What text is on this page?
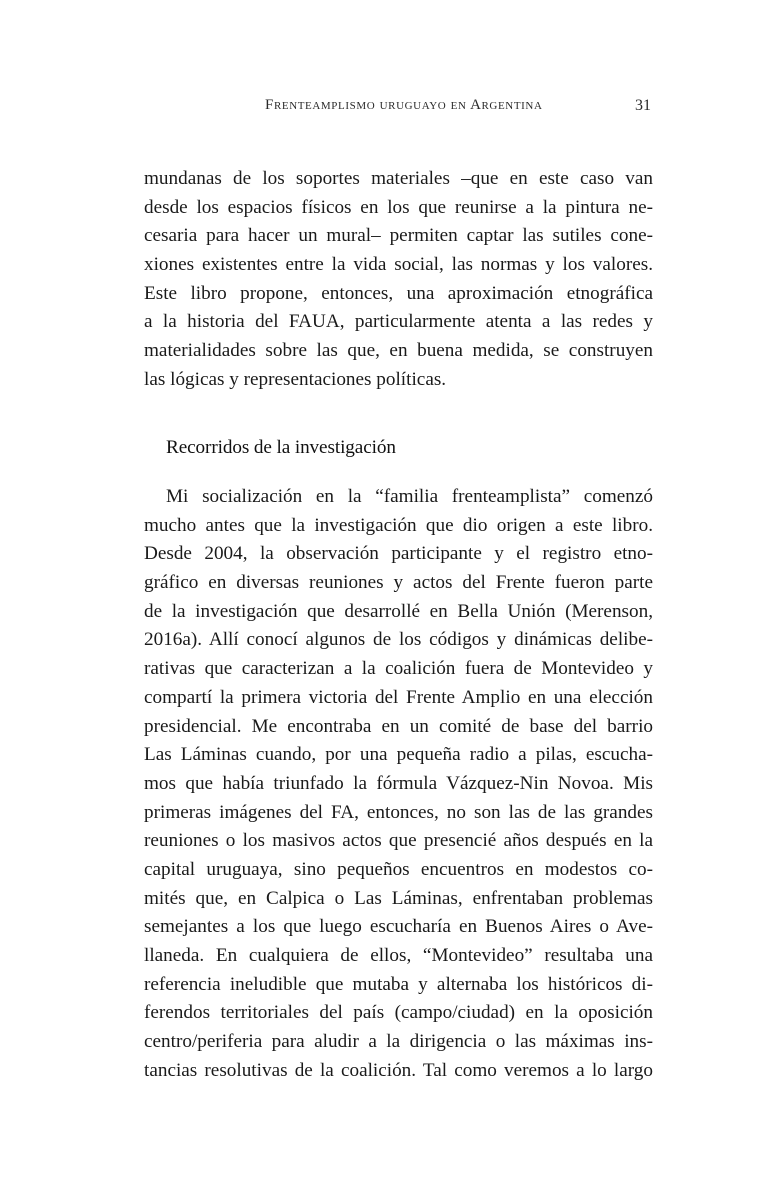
Frenteamplismo uruguayo en Argentina	31
mundanas de los soportes materiales –que en este caso van
desde los espacios físicos en los que reunirse a la pintura ne-
cesaria para hacer un mural– permiten captar las sutiles cone-
xiones existentes entre la vida social, las normas y los valores.
Este libro propone, entonces, una aproximación etnográfica
a la historia del FAUA, particularmente atenta a las redes y
materialidades sobre las que, en buena medida, se construyen
las lógicas y representaciones políticas.
Recorridos de la investigación
Mi socialización en la “familia frenteamplista” comenzó
mucho antes que la investigación que dio origen a este libro.
Desde 2004, la observación participante y el registro etno-
gráfico en diversas reuniones y actos del Frente fueron parte
de la investigación que desarrollé en Bella Unión (Merenson,
2016a). Allí conocí algunos de los códigos y dinámicas delibe-
rativas que caracterizan a la coalición fuera de Montevideo y
compartí la primera victoria del Frente Amplio en una elección
presidencial. Me encontraba en un comité de base del barrio
Las Láminas cuando, por una pequeña radio a pilas, escucha-
mos que había triunfado la fórmula Vázquez-Nin Novoa. Mis
primeras imágenes del FA, entonces, no son las de las grandes
reuniones o los masivos actos que presencié años después en la
capital uruguaya, sino pequeños encuentros en modestos co-
mités que, en Calpica o Las Láminas, enfrentaban problemas
semejantes a los que luego escucharía en Buenos Aires o Ave-
llaneda. En cualquiera de ellos, “Montevideo” resultaba una
referencia ineludible que mutaba y alternaba los históricos di-
ferendos territoriales del país (campo/ciudad) en la oposición
centro/periferia para aludir a la dirigencia o las máximas ins-
tancias resolutivas de la coalición. Tal como veremos a lo largo
